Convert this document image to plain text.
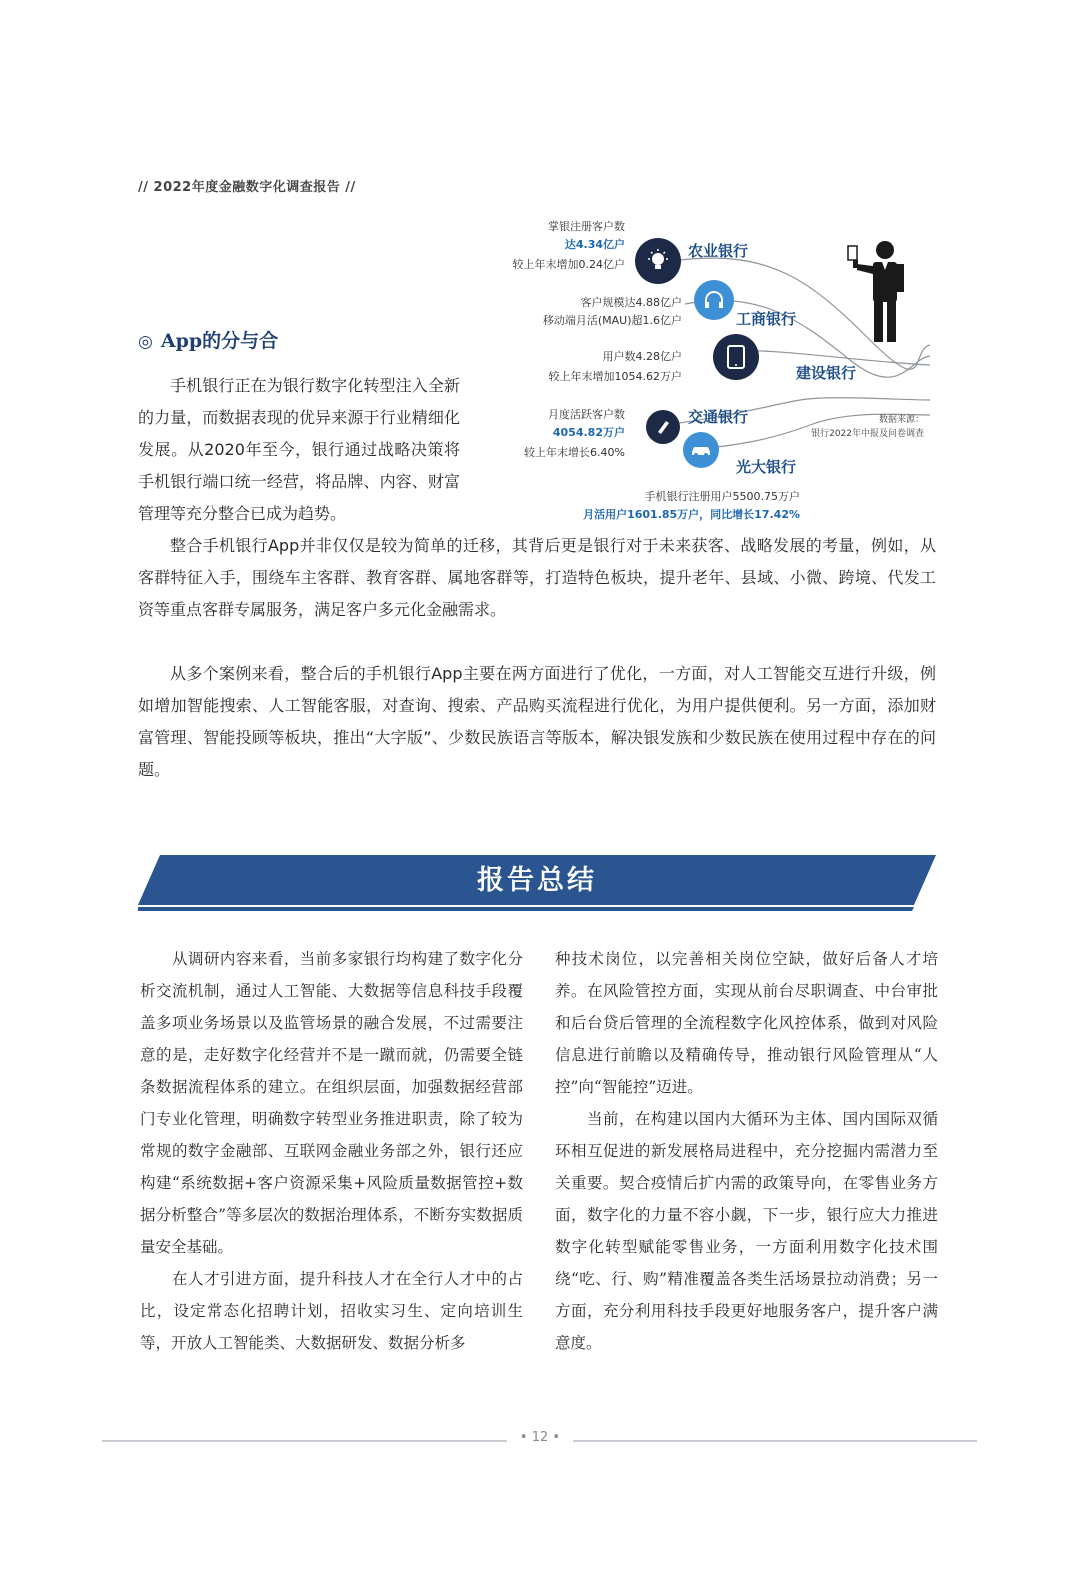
// 2022年度金融数字化调查报告 //
◎ App的分与合

手机银行正在为银行数字化转型注入全新的力量，而数据表现的优异来源于行业精细化发展。从2020年至今，银行通过战略决策将手机银行端口统一经营，将品牌、内容、财富管理等充分整合已成为趋势。

整合手机银行App并非仅仅是较为简单的迁移，其背后更是银行对于未来获客、战略发展的考量，例如，从客群特征入手，围绕车主客群、教育客群、属地客群等，打造特色板块，提升老年、县域、小微、跨境、代发工资等重点客群专属服务，满足客户多元化金融需求。

从多个案例来看，整合后的手机银行App主要在两方面进行了优化，一方面，对人工智能交互进行升级，例如增加智能搜索、人工智能客服，对查询、搜索、产品购买流程进行优化，为用户提供便利。另一方面，添加财富管理、智能投顾等板块，推出“大字版”、少数民族语言等版本，解决银发族和少数民族在使用过程中存在的问题。

掌银注册客户数
达4.34亿户
较上年末增加0.24亿户
农业银行
客户规模达4.88亿户
移动端月活(MAU)超1.6亿户	工商银行
用户数4.28亿户
较上年末增加1054.62万户	建设银行
月度活跃客户数
4054.82万户
较上年末增长6.40%
交通银行
光大银行
手机银行注册用户5500.75万户
月活用户1601.85万户，同比增长17.42%
数据来源：
银行2022年中报及问卷调查
报告总结

从调研内容来看，当前多家银行均构建了数字化分析交流机制，通过人工智能、大数据等信息科技手段覆盖多项业务场景以及监管场景的融合发展，不过需要注意的是，走好数字化经营并不是一蹴而就，仍需要全链条数据流程体系的建立。在组织层面，加强数据经营部门专业化管理，明确数字转型业务推进职责，除了较为常规的数字金融部、互联网金融业务部之外，银行还应构建“系统数据+客户资源采集+风险质量数据管控+数据分析整合”等多层次的数据治理体系，不断夯实数据质量安全基础。

在人才引进方面，提升科技人才在全行人才中的占比，设定常态化招聘计划，招收实习生、定向培训生等，开放人工智能类、大数据研发、数据分析多

种技术岗位，以完善相关岗位空缺，做好后备人才培养。在风险管控方面，实现从前台尽职调查、中台审批和后台贷后管理的全流程数字化风控体系，做到对风险信息进行前瞻以及精确传导，推动银行风险管理从“人控”向“智能控”迈进。

当前，在构建以国内大循环为主体、国内国际双循环相互促进的新发展格局进程中，充分挖掘内需潜力至关重要。契合疫情后扩内需的政策导向，在零售业务方面，数字化的力量不容小觑，下一步，银行应大力推进数字化转型赋能零售业务，一方面利用数字化技术围绕“吃、行、购”精准覆盖各类生活场景拉动消费；另一方面，充分利用科技手段更好地服务客户，提升客户满意度。

• 12 •
